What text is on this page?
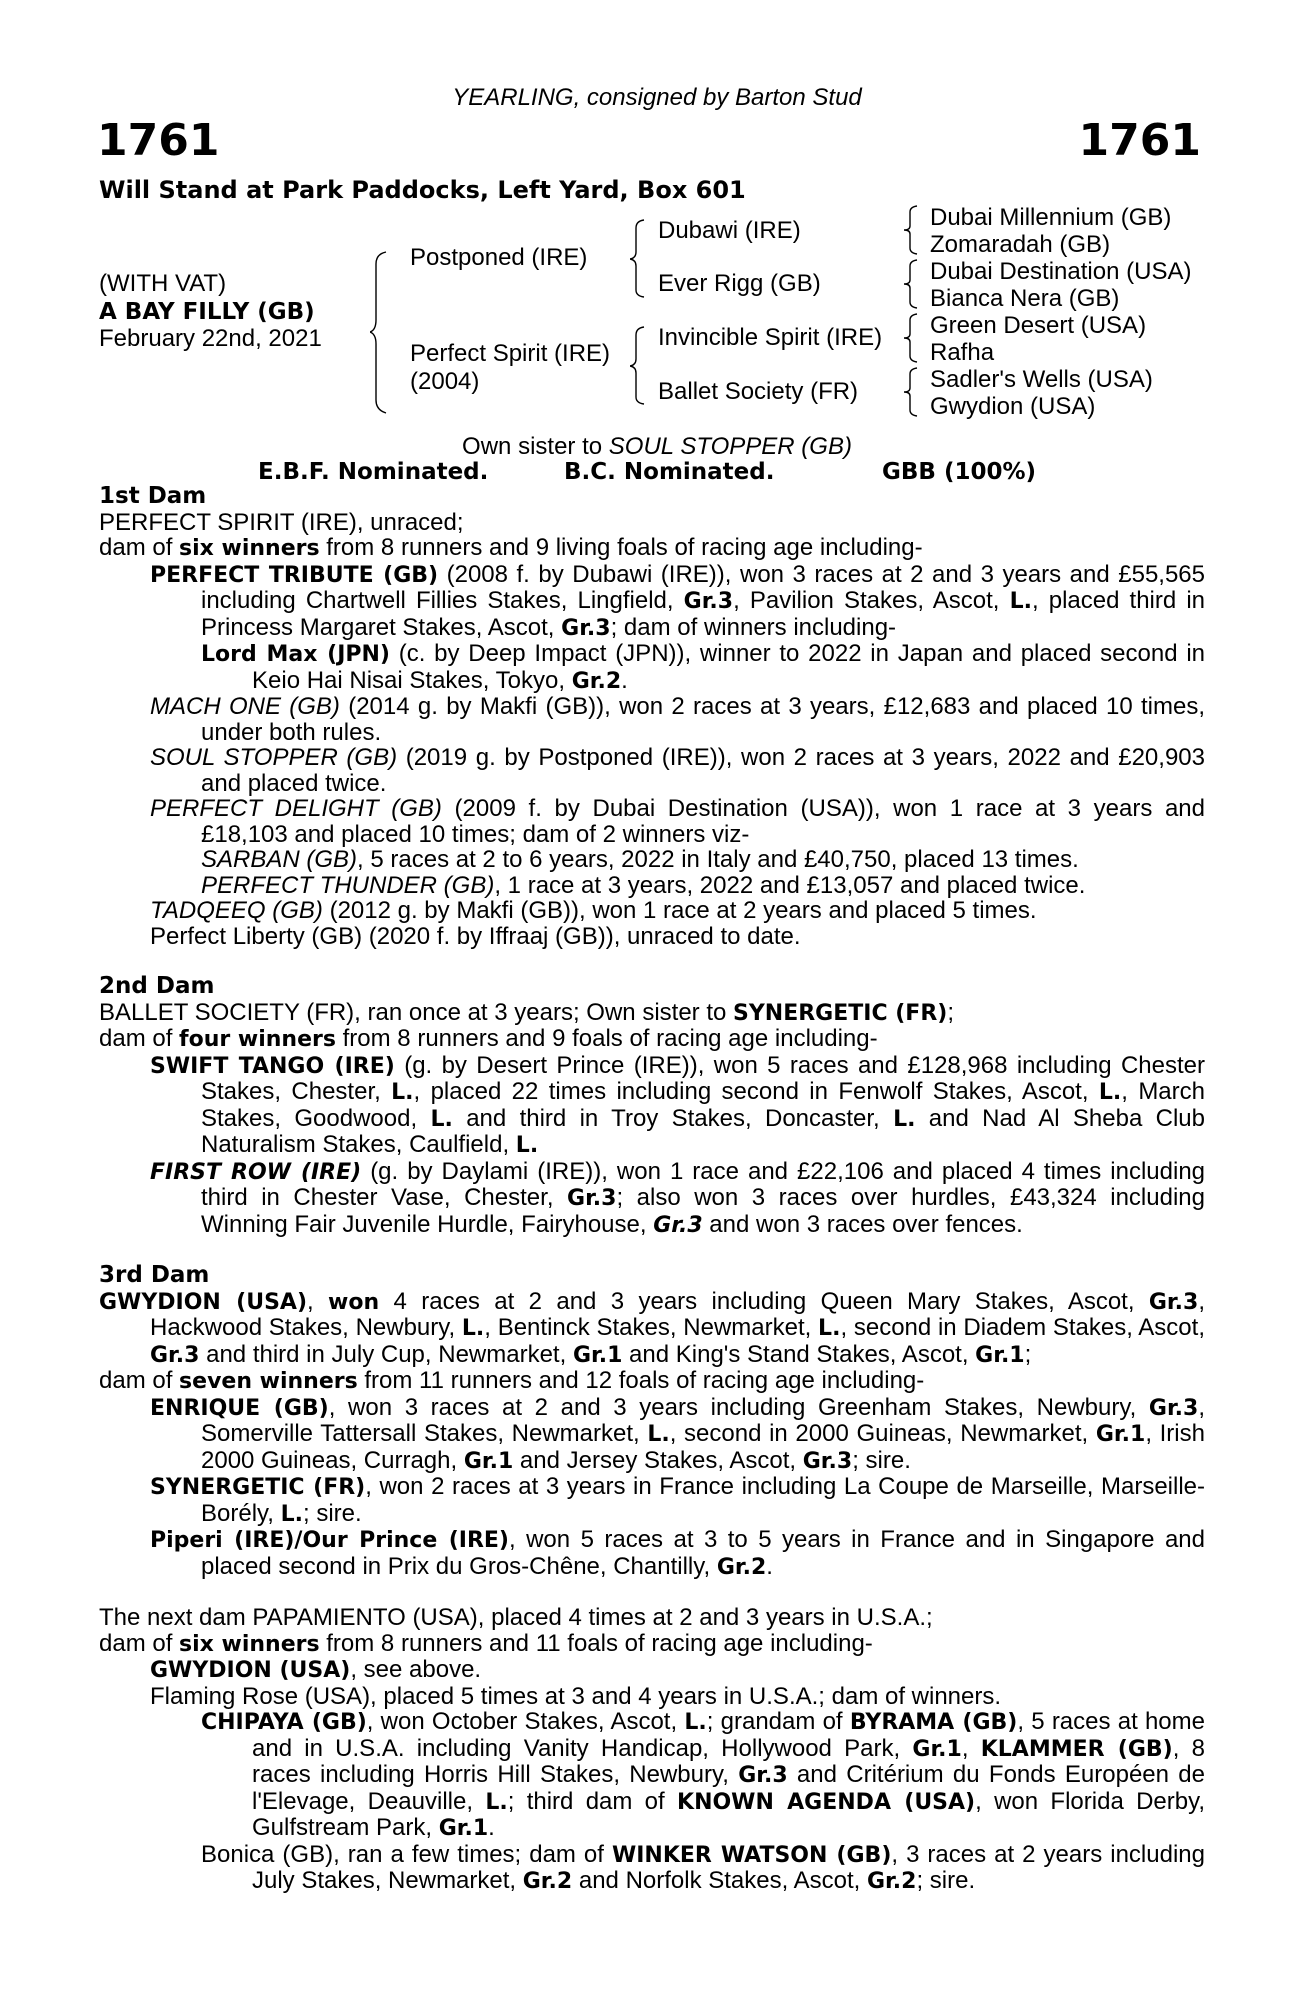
YEARLING, consigned by Barton Stud
1761	1761
Will Stand at Park Paddocks, Left Yard, Box 601
(WITH VAT)
A BAY FILLY (GB)
February 22nd, 2021
Postponed (IRE)
Perfect Spirit (IRE)
(2004)
Dubawi (IRE)
Ever Rigg (GB)
Invincible Spirit (IRE)
Ballet Society (FR)
Dubai Millennium (GB)
Zomaradah (GB)
Dubai Destination (USA)
Bianca Nera (GB)
Green Desert (USA)
Rafha
Sadler's Wells (USA)
Gwydion (USA)
Own sister to SOUL STOPPER (GB)
E.B.F. Nominated.	B.C. Nominated.	GBB (100%)

1st Dam

PERFECT SPIRIT (IRE), unraced;

dam of six winners from 8 runners and 9 living foals of racing age including-

PERFECT TRIBUTE (GB) (2008 f. by Dubawi (IRE)), won 3 races at 2 and 3 years and £55,565 including Chartwell Fillies Stakes, Lingfield, Gr.3, Pavilion Stakes, Ascot, L., placed third in Princess Margaret Stakes, Ascot, Gr.3; dam of winners including-

Lord Max (JPN) (c. by Deep Impact (JPN)), winner to 2022 in Japan and placed second in Keio Hai Nisai Stakes, Tokyo, Gr.2.

MACH ONE (GB) (2014 g. by Makfi (GB)), won 2 races at 3 years, £12,683 and placed 10 times, under both rules.

SOUL STOPPER (GB) (2019 g. by Postponed (IRE)), won 2 races at 3 years, 2022 and £20,903 and placed twice.

PERFECT DELIGHT (GB) (2009 f. by Dubai Destination (USA)), won 1 race at 3 years and £18,103 and placed 10 times; dam of 2 winners viz-

SARBAN (GB), 5 races at 2 to 6 years, 2022 in Italy and £40,750, placed 13 times.

PERFECT THUNDER (GB), 1 race at 3 years, 2022 and £13,057 and placed twice.

TADQEEQ (GB) (2012 g. by Makfi (GB)), won 1 race at 2 years and placed 5 times.

Perfect Liberty (GB) (2020 f. by Iffraaj (GB)), unraced to date.

2nd Dam

BALLET SOCIETY (FR), ran once at 3 years; Own sister to SYNERGETIC (FR);

dam of four winners from 8 runners and 9 foals of racing age including-

SWIFT TANGO (IRE) (g. by Desert Prince (IRE)), won 5 races and £128,968 including Chester Stakes, Chester, L., placed 22 times including second in Fenwolf Stakes, Ascot, L., March Stakes, Goodwood, L. and third in Troy Stakes, Doncaster, L. and Nad Al Sheba Club Naturalism Stakes, Caulfield, L.

FIRST ROW (IRE) (g. by Daylami (IRE)), won 1 race and £22,106 and placed 4 times including third in Chester Vase, Chester, Gr.3; also won 3 races over hurdles, £43,324 including Winning Fair Juvenile Hurdle, Fairyhouse, Gr.3 and won 3 races over fences.

3rd Dam

GWYDION (USA), won 4 races at 2 and 3 years including Queen Mary Stakes, Ascot, Gr.3, Hackwood Stakes, Newbury, L., Bentinck Stakes, Newmarket, L., second in Diadem Stakes, Ascot, Gr.3 and third in July Cup, Newmarket, Gr.1 and King's Stand Stakes, Ascot, Gr.1;

dam of seven winners from 11 runners and 12 foals of racing age including-

ENRIQUE (GB), won 3 races at 2 and 3 years including Greenham Stakes, Newbury, Gr.3, Somerville Tattersall Stakes, Newmarket, L., second in 2000 Guineas, Newmarket, Gr.1, Irish 2000 Guineas, Curragh, Gr.1 and Jersey Stakes, Ascot, Gr.3; sire.

SYNERGETIC (FR), won 2 races at 3 years in France including La Coupe de Marseille, Marseille-Borély, L.; sire.

Piperi (IRE)/Our Prince (IRE), won 5 races at 3 to 5 years in France and in Singapore and placed second in Prix du Gros-Chêne, Chantilly, Gr.2.

The next dam PAPAMIENTO (USA), placed 4 times at 2 and 3 years in U.S.A.;

dam of six winners from 8 runners and 11 foals of racing age including-

GWYDION (USA), see above.

Flaming Rose (USA), placed 5 times at 3 and 4 years in U.S.A.; dam of winners.

CHIPAYA (GB), won October Stakes, Ascot, L.; grandam of BYRAMA (GB), 5 races at home and in U.S.A. including Vanity Handicap, Hollywood Park, Gr.1, KLAMMER (GB), 8 races including Horris Hill Stakes, Newbury, Gr.3 and Critérium du Fonds Européen de l'Elevage, Deauville, L.; third dam of KNOWN AGENDA (USA), won Florida Derby, Gulfstream Park, Gr.1.

Bonica (GB), ran a few times; dam of WINKER WATSON (GB), 3 races at 2 years including July Stakes, Newmarket, Gr.2 and Norfolk Stakes, Ascot, Gr.2; sire.
